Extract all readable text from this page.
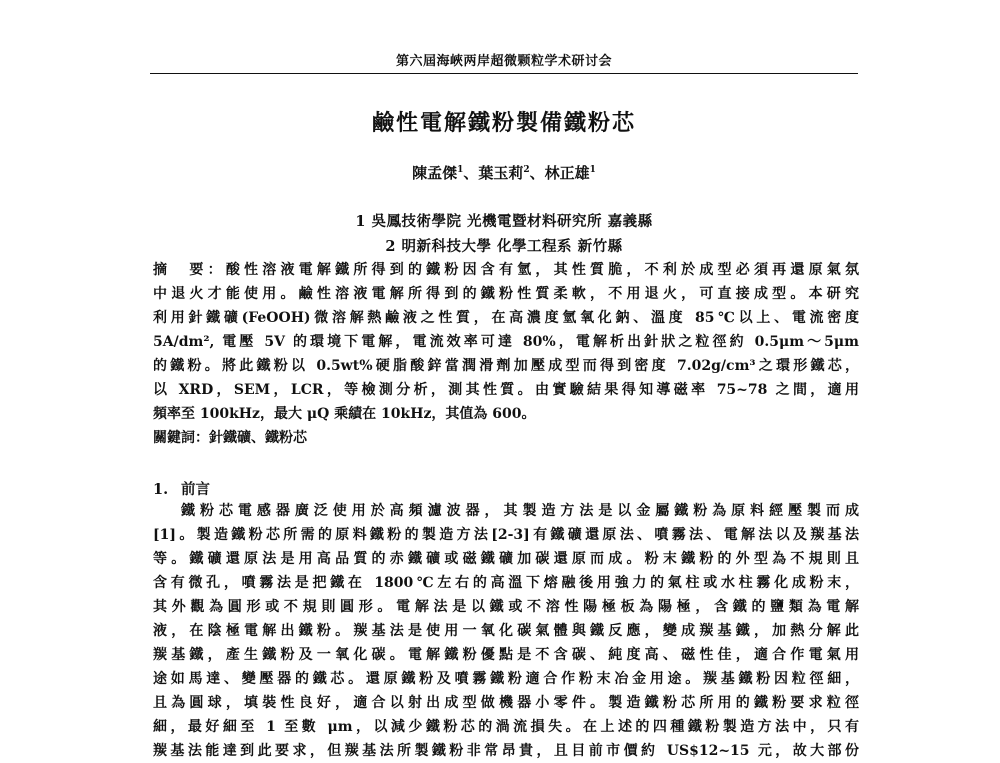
第六屆海峽两岸超微颗粒学术研讨会
鹼性電解鐵粉製備鐵粉芯
陳孟傑$^1$、葉玉莉$^2$、林正雄$^1$
1 吳鳳技術學院 光機電暨材料研究所 嘉義縣
2 明新科技大學 化學工程系 新竹縣
摘　要：酸性溶液電解鐵所得到的鐵粉因含有氫，其性質脆，不利於成型必須再還原氣氛
中退火才能使用。鹼性溶液電解所得到的鐵粉性質柔軟，不用退火，可直接成型。本研究
利用針鐵礦(FeOOH)微溶解熱鹼液之性質，在高濃度氫氧化鈉、溫度 85℃以上、電流密度
5A/dm², 電壓 5V 的環境下電解，電流效率可達 80%，電解析出針狀之粒徑約 0.5μm～5μm
的鐵粉。將此鐵粉以 0.5wt%硬脂酸鋅當潤滑劑加壓成型而得到密度 7.02g/cm³之環形鐵芯，
以 XRD，SEM，LCR，等檢測分析，測其性質。由實驗結果得知導磁率 75~78 之間，適用
頻率至 100kHz，最大 μQ 乘績在 10kHz，其值為 600。
關鍵詞：針鐵礦、鐵粉芯
1. 前言
鐵粉芯電感器廣泛使用於高頻濾波器，其製造方法是以金屬鐵粉為原料經壓製而成
[1]。製造鐵粉芯所需的原料鐵粉的製造方法[2-3]有鐵礦還原法、噴霧法、電解法以及羰基法
等。鐵礦還原法是用高品質的赤鐵礦或磁鐵礦加碳還原而成。粉末鐵粉的外型為不規則且
含有微孔，噴霧法是把鐵在 1800℃左右的高溫下熔融後用強力的氣柱或水柱霧化成粉末，
其外觀為圓形或不規則圓形。電解法是以鐵或不溶性陽極板為陽極，含鐵的鹽類為電解
液，在陰極電解出鐵粉。羰基法是使用一氧化碳氣體與鐵反應，變成羰基鐵，加熱分解此
羰基鐵，產生鐵粉及一氧化碳。電解鐵粉優點是不含碳、純度高、磁性佳，適合作電氣用
途如馬達、變壓器的鐵芯。還原鐵粉及噴霧鐵粉適合作粉末冶金用途。羰基鐵粉因粒徑細，
且為圓球，填裝性良好，適合以射出成型做機器小零件。製造鐵粉芯所用的鐵粉要求粒徑
細，最好細至 1 至數 μm，以減少鐵粉芯的渦流損失。在上述的四種鐵粉製造方法中，只有
羰基法能達到此要求，但羰基法所製鐵粉非常昂貴，且目前市價約 US$12~15 元，故大部份
